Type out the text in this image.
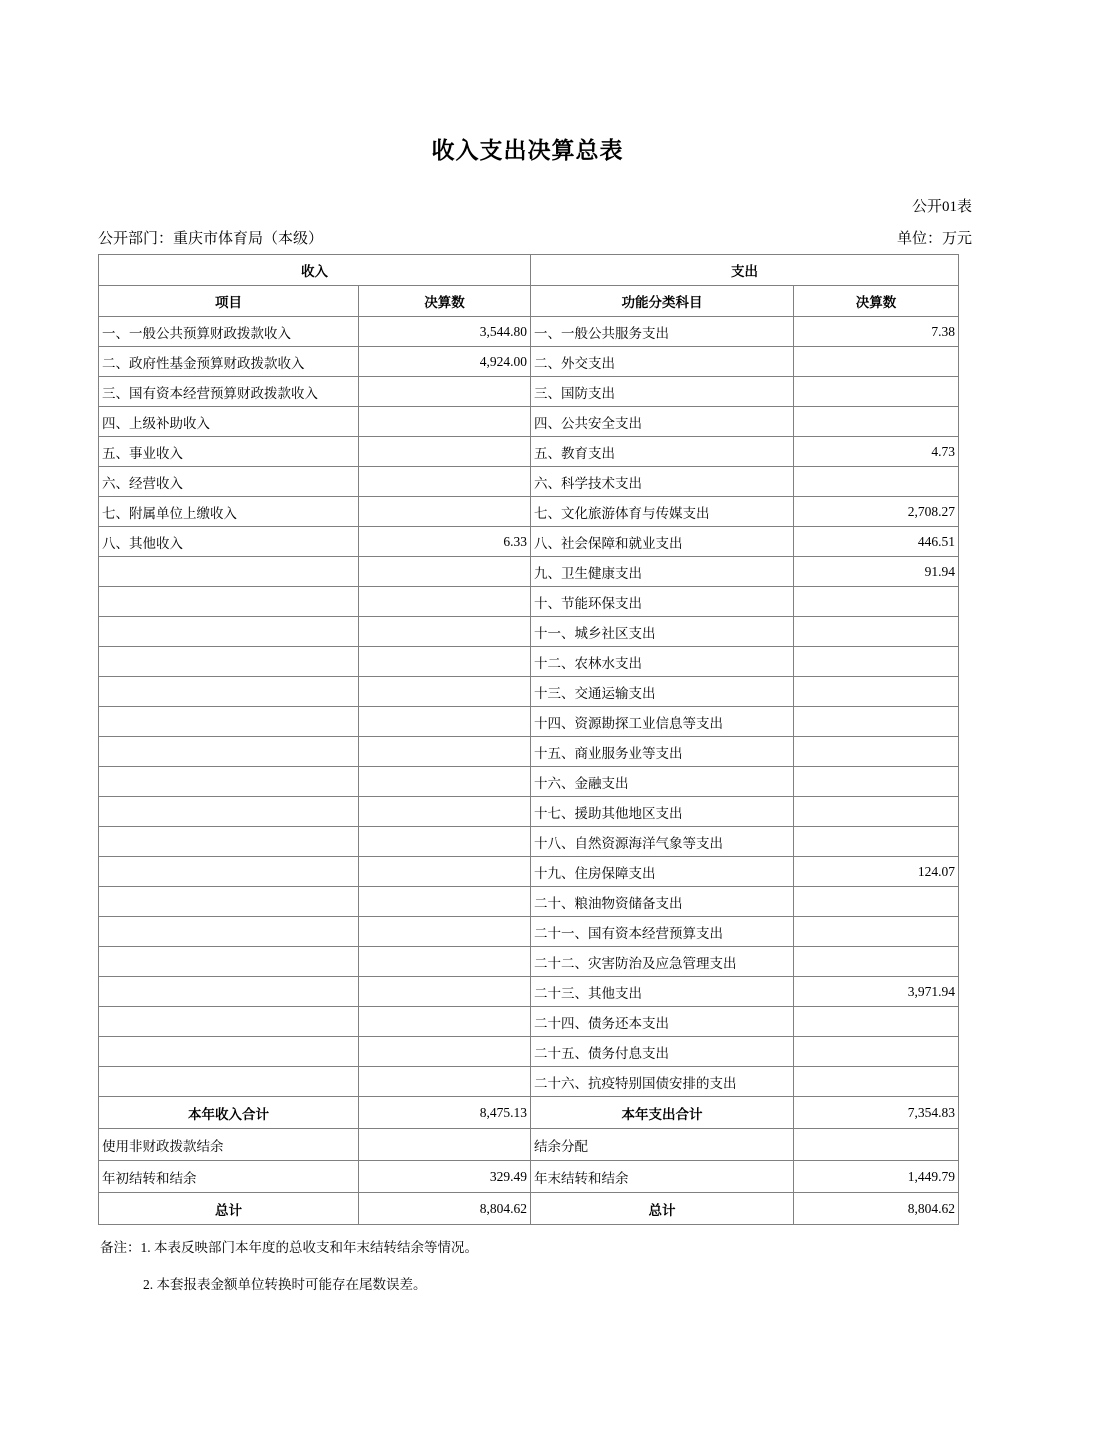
收入支出决算总表
公开01表
公开部门：重庆市体育局（本级）	单位：万元
收入		支出	
项目	决算数	功能分类科目	决算数
一、一般公共预算财政拨款收入	3,544.80	一、一般公共服务支出	7.38
二、政府性基金预算财政拨款收入	4,924.00	二、外交支出	
三、国有资本经营预算财政拨款收入		三、国防支出	
四、上级补助收入		四、公共安全支出	
五、事业收入		五、教育支出	4.73
六、经营收入		六、科学技术支出	
七、附属单位上缴收入		七、文化旅游体育与传媒支出	2,708.27
八、其他收入	6.33	八、社会保障和就业支出	446.51
		九、卫生健康支出	91.94
		十、节能环保支出	
		十一、城乡社区支出	
		十二、农林水支出	
		十三、交通运输支出	
		十四、资源勘探工业信息等支出	
		十五、商业服务业等支出	
		十六、金融支出	
		十七、援助其他地区支出	
		十八、自然资源海洋气象等支出	
		十九、住房保障支出	124.07
		二十、粮油物资储备支出	
		二十一、国有资本经营预算支出	
		二十二、灾害防治及应急管理支出	
		二十三、其他支出	3,971.94
		二十四、债务还本支出	
		二十五、债务付息支出	
		二十六、抗疫特别国债安排的支出	
本年收入合计	8,475.13	本年支出合计	7,354.83
使用非财政拨款结余		结余分配	
年初结转和结余	329.49	年末结转和结余	1,449.79
总计	8,804.62	总计	8,804.62

备注：1. 本表反映部门本年度的总收支和年末结转结余等情况。

2. 本套报表金额单位转换时可能存在尾数误差。
